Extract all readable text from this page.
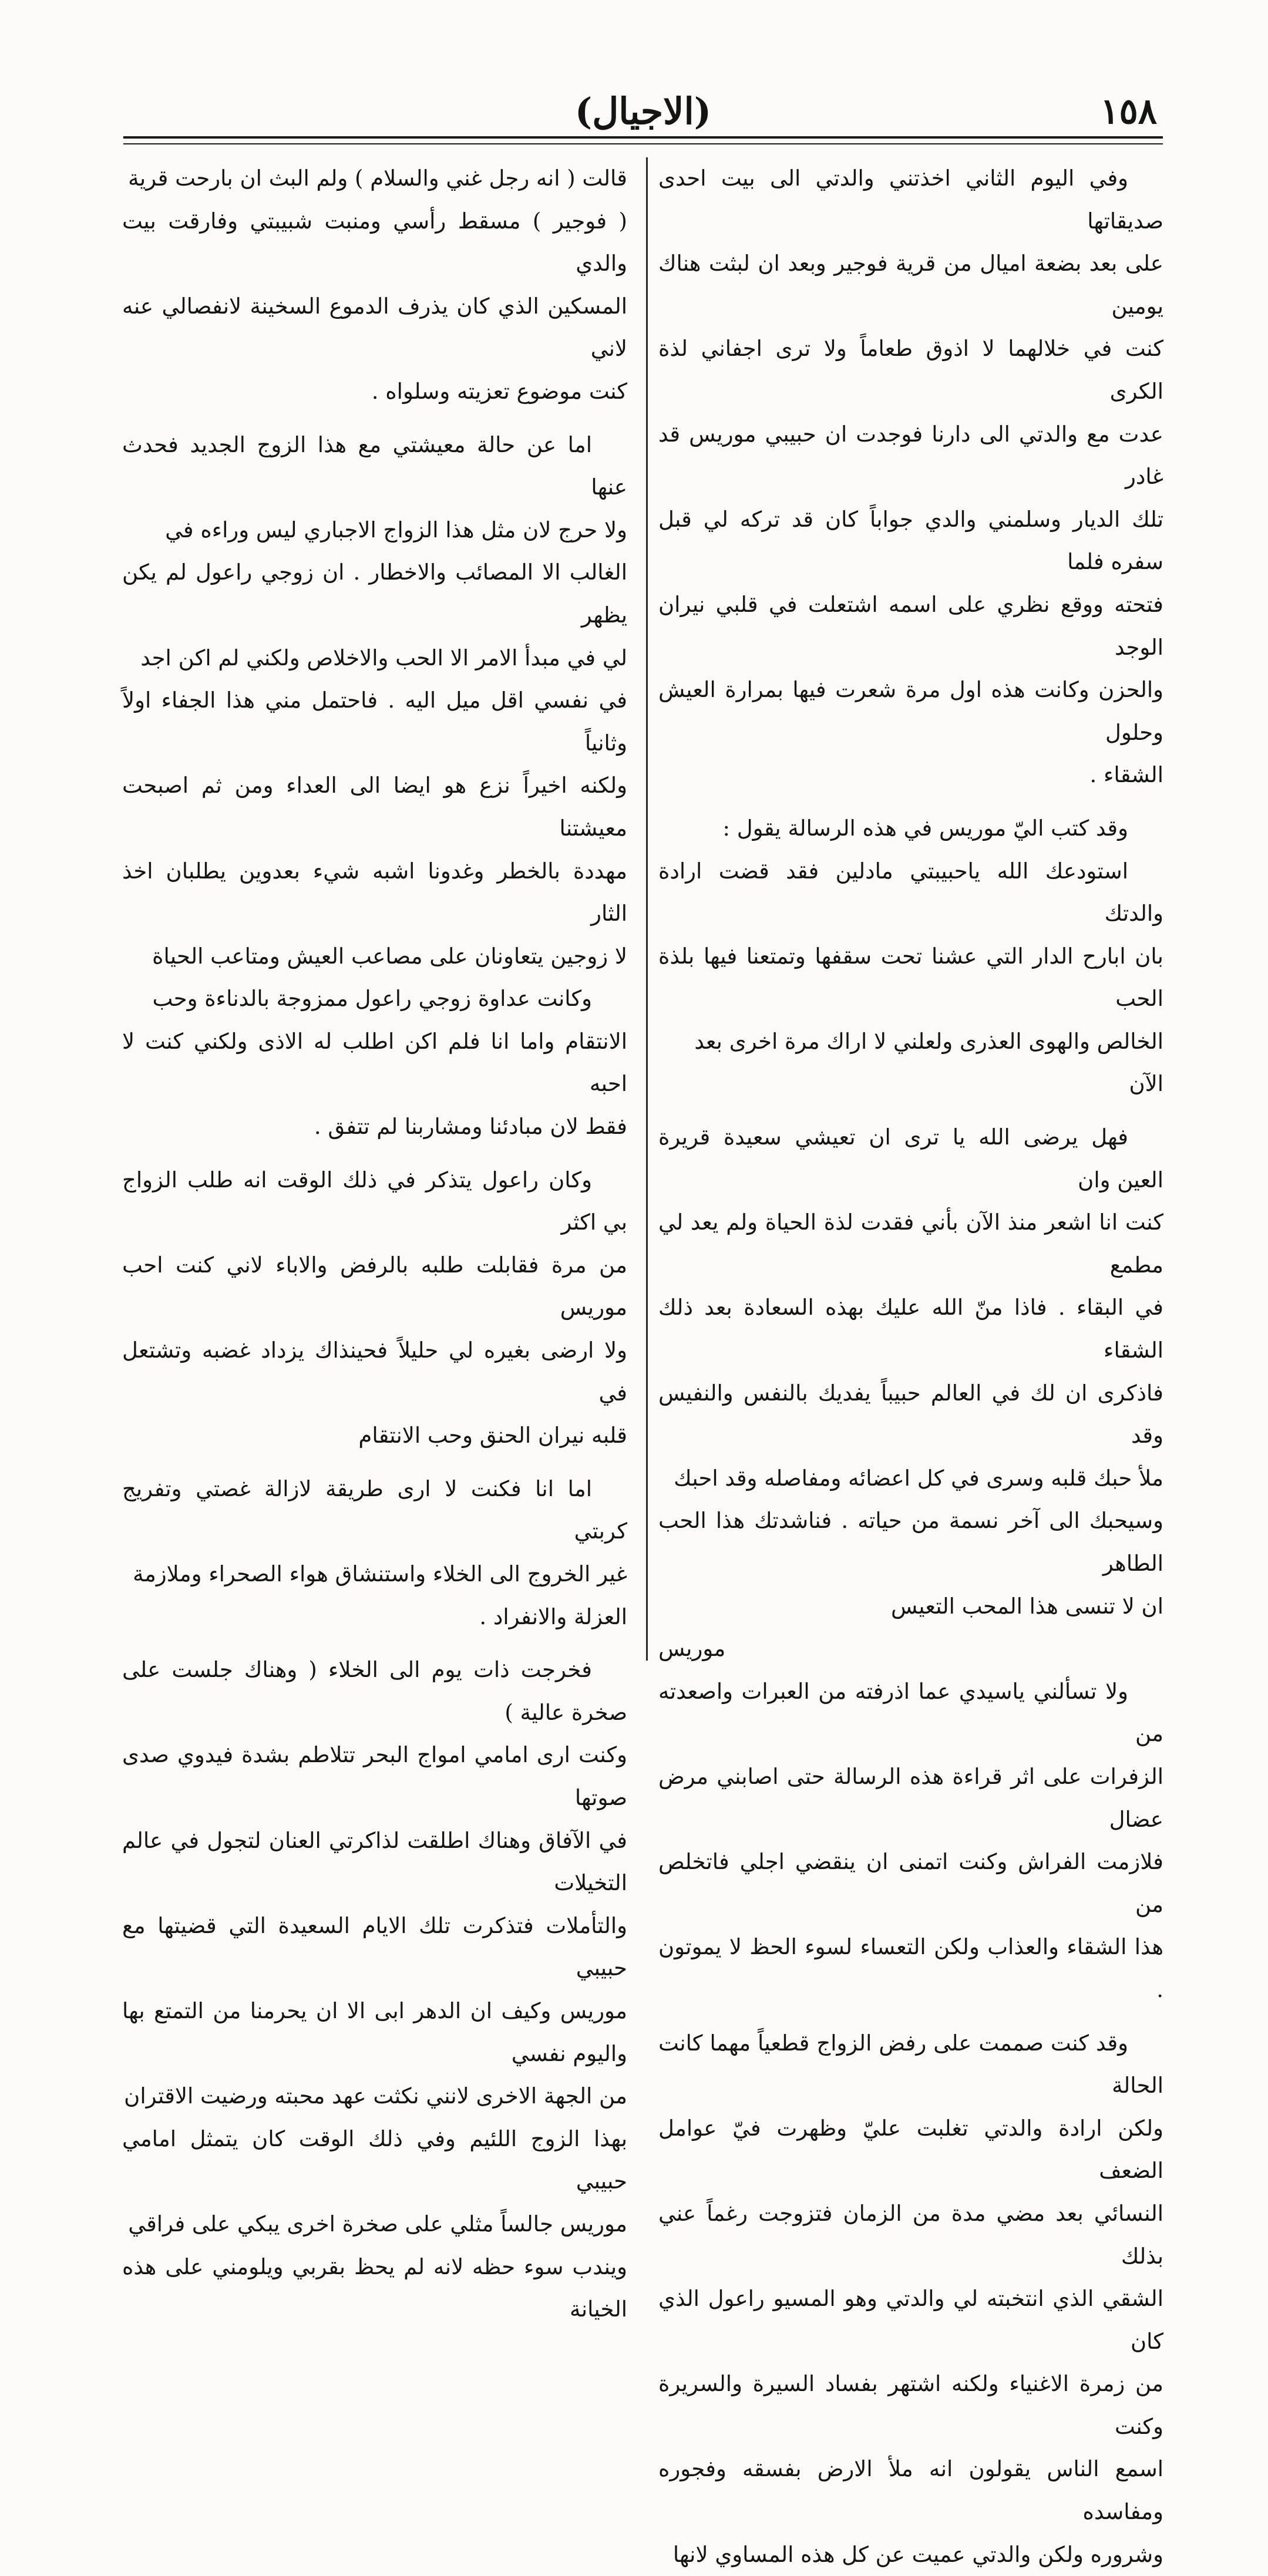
١٥٨
(الاجيال)

وفي اليوم الثاني اخذتني والدتي الى بيت احدى صديقاتها

على بعد بضعة اميال من قرية فوجير وبعد ان لبثت هناك يومين

كنت في خلالهما لا اذوق طعاماً ولا ترى اجفاني لذة الكرى

عدت مع والدتي الى دارنا فوجدت ان حبيبي موريس قد غادر

تلك الديار وسلمني والدي جواباً كان قد تركه لي قبل سفره فلما

فتحته ووقع نظري على اسمه اشتعلت في قلبي نيران الوجد

والحزن وكانت هذه اول مرة شعرت فيها بمرارة العيش وحلول

الشقاء .

وقد كتب اليّ موريس في هذه الرسالة يقول :

استودعك الله ياحبيبتي مادلين فقد قضت ارادة والدتك

بان ابارح الدار التي عشنا تحت سقفها وتمتعنا فيها بلذة الحب

الخالص والهوى العذرى ولعلني لا اراك مرة اخرى بعد

الآن

فهل يرضى الله يا ترى ان تعيشي سعيدة قريرة العين وان

كنت انا اشعر منذ الآن بأني فقدت لذة الحياة ولم يعد لي مطمع

في البقاء . فاذا منّ الله عليك بهذه السعادة بعد ذلك الشقاء

فاذكرى ان لك في العالم حبيباً يفديك بالنفس والنفيس وقد

ملأ حبك قلبه وسرى في كل اعضائه ومفاصله وقد احبك

وسيحبك الى آخر نسمة من حياته . فناشدتك هذا الحب الطاهر

ان لا تنسى هذا المحب التعيس

موريس

ولا تسألني ياسيدي عما اذرفته من العبرات واصعدته من

الزفرات على اثر قراءة هذه الرسالة حتى اصابني مرض عضال

فلازمت الفراش وكنت اتمنى ان ينقضي اجلي فاتخلص من

هذا الشقاء والعذاب ولكن التعساء لسوء الحظ لا يموتون .

وقد كنت صممت على رفض الزواج قطعياً مهما كانت الحالة

ولكن ارادة والدتي تغلبت عليّ وظهرت فيّ عوامل الضعف

النسائي بعد مضي مدة من الزمان فتزوجت رغماً عني بذلك

الشقي الذي انتخبته لي والدتي وهو المسيو راعول الذي كان

من زمرة الاغنياء ولكنه اشتهر بفساد السيرة والسريرة وكنت

اسمع الناس يقولون انه ملأ الارض بفسقه وفجوره ومفاسده

وشروره ولكن والدتي عميت عن كل هذه المساوي لانها

قالت ( انه رجل غني والسلام ) ولم البث ان بارحت قرية

( فوجير ) مسقط رأسي ومنبت شبيبتي وفارقت بيت والدي

المسكين الذي كان يذرف الدموع السخينة لانفصالي عنه لاني

كنت موضوع تعزيته وسلواه .

اما عن حالة معيشتي مع هذا الزوج الجديد فحدث عنها

ولا حرج لان مثل هذا الزواج الاجباري ليس وراءه في

الغالب الا المصائب والاخطار . ان زوجي راعول لم يكن يظهر

لي في مبدأ الامر الا الحب والاخلاص ولكني لم اكن اجد

في نفسي اقل ميل اليه . فاحتمل مني هذا الجفاء اولاً وثانياً

ولكنه اخيراً نزع هو ايضا الى العداء ومن ثم اصبحت معيشتنا

مهددة بالخطر وغدونا اشبه شيء بعدوين يطلبان اخذ الثار

لا زوجين يتعاونان على مصاعب العيش ومتاعب الحياة

وكانت عداوة زوجي راعول ممزوجة بالدناءة وحب

الانتقام واما انا فلم اكن اطلب له الاذى ولكني كنت لا احبه

فقط لان مبادئنا ومشاربنا لم تتفق .

وكان راعول يتذكر في ذلك الوقت انه طلب الزواج بي اكثر

من مرة فقابلت طلبه بالرفض والاباء لاني كنت احب موريس

ولا ارضى بغيره لي حليلاً فحينذاك يزداد غضبه وتشتعل في

قلبه نيران الحنق وحب الانتقام

اما انا فكنت لا ارى طريقة لازالة غصتي وتفريج كربتي

غير الخروج الى الخلاء واستنشاق هواء الصحراء وملازمة

العزلة والانفراد .

فخرجت ذات يوم الى الخلاء ( وهناك جلست على صخرة عالية )

وكنت ارى امامي امواج البحر تتلاطم بشدة فيدوي صدى صوتها

في الآفاق وهناك اطلقت لذاكرتي العنان لتجول في عالم التخيلات

والتأملات فتذكرت تلك الايام السعيدة التي قضيتها مع حبيبي

موريس وكيف ان الدهر ابى الا ان يحرمنا من التمتع بها واليوم نفسي

من الجهة الاخرى لانني نكثت عهد محبته ورضيت الاقتران

بهذا الزوج اللئيم وفي ذلك الوقت كان يتمثل امامي حبيبي

موريس جالساً مثلي على صخرة اخرى يبكي على فراقي

ويندب سوء حظه لانه لم يحظ بقربي ويلومني على هذه الخيانة
